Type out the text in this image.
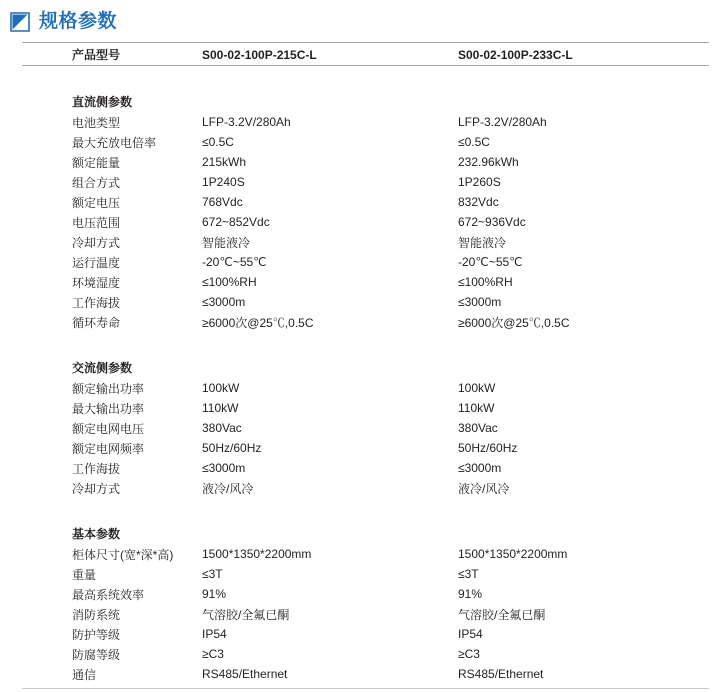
规格参数
产品型号	S00-02-100P-215C-L	S00-02-100P-233C-L

直流侧参数		
电池类型	LFP-3.2V/280Ah	LFP-3.2V/280Ah
最大充放电倍率	≤0.5C	≤0.5C
额定能量	215kWh	232.96kWh
组合方式	1P240S	1P260S
额定电压	768Vdc	832Vdc
电压范围	672~852Vdc	672~936Vdc
冷却方式	智能液冷	智能液冷
运行温度	-20℃~55℃	-20℃~55℃
环境湿度	≤100%RH	≤100%RH
工作海拔	≤3000m	≤3000m
循环寿命	≥6000次@25℃,0.5C	≥6000次@25℃,0.5C

交流侧参数		
额定输出功率	100kW	100kW
最大输出功率	110kW	110kW
额定电网电压	380Vac	380Vac
额定电网频率	50Hz/60Hz	50Hz/60Hz
工作海拔	≤3000m	≤3000m
冷却方式	液冷/风冷	液冷/风冷

基本参数		
柜体尺寸(宽*深*高)	1500*1350*2200mm	1500*1350*2200mm
重量	≤3T	≤3T
最高系统效率	91%	91%
消防系统	气溶胶/全氟已酮	气溶胶/全氟已酮
防护等级	IP54	IP54
防腐等级	≥C3	≥C3
通信	RS485/Ethernet	RS485/Ethernet
